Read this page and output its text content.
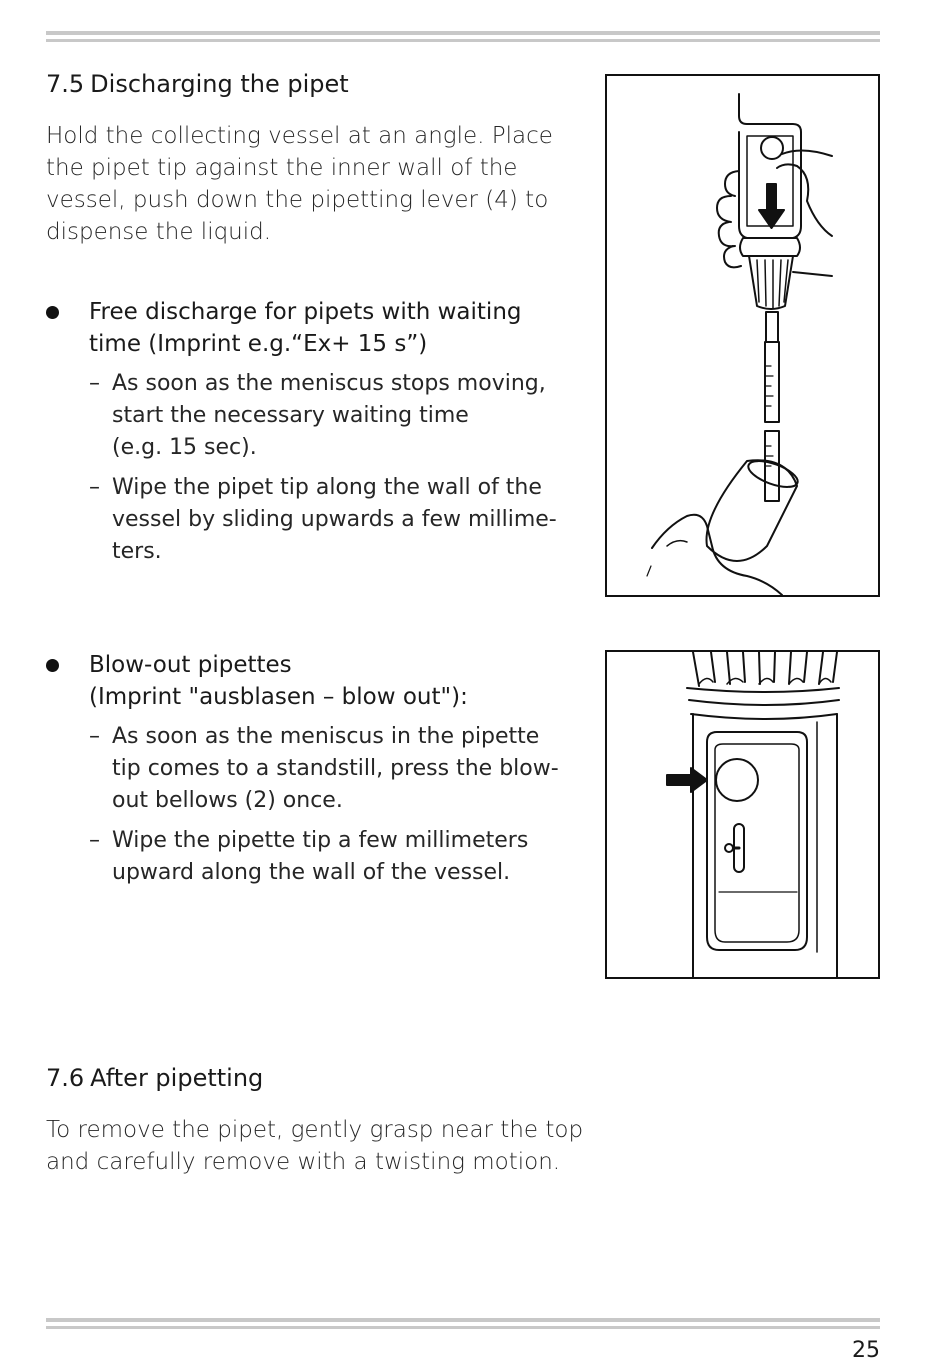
7.5 Discharging the pipet

Hold the collecting vessel at an angle. Place the pipet tip against the inner wall of the vessel, push down the pipetting lever (4) to dispense the liquid.

Free discharge for pipets with waiting
time (Imprint e.g.“Ex+ 15 s”)
– As soon as the meniscus stops moving,
start the necessary waiting time
(e.g. 15 sec).
– Wipe the pipet tip along the wall of the
vessel by sliding upwards a few millime-
ters.
Blow-out pipettes
(Imprint "ausblasen – blow out"):
– As soon as the meniscus in the pipette
tip comes to a standstill, press the blow-
out bellows (2) once.
– Wipe the pipette tip a few millimeters
upward along the wall of the vessel.
7.6 After pipetting

To remove the pipet, gently grasp near the top and carefully remove with a twisting motion.

25
